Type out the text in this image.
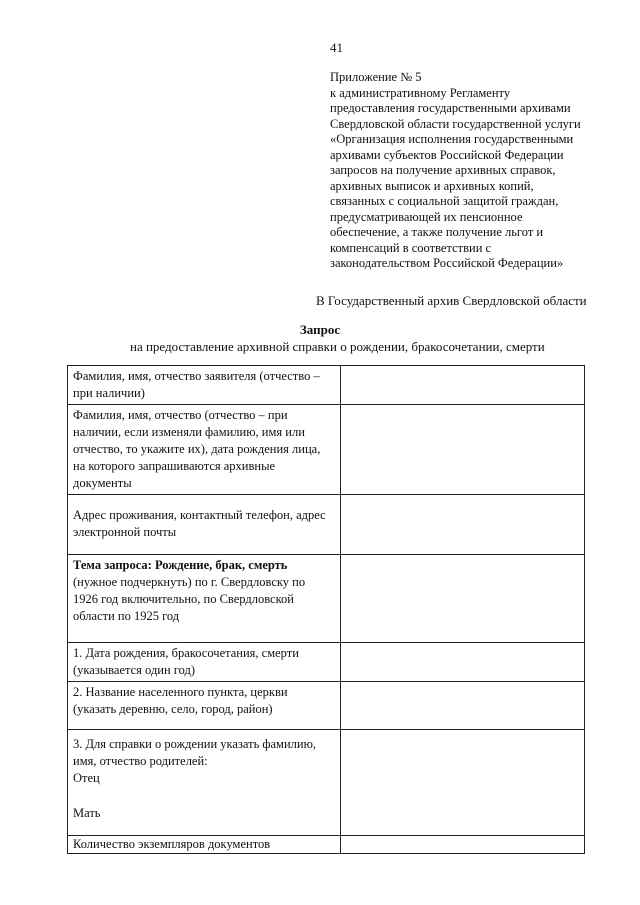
41
Приложение № 5
к административному Регламенту
предоставления государственными архивами
Свердловской области государственной услуги
«Организация исполнения государственными
архивами субъектов Российской Федерации
запросов на получение архивных справок,
архивных выписок и архивных копий,
связанных с социальной защитой граждан,
предусматривающей их пенсионное
обеспечение, а также получение льгот и
компенсаций в соответствии с
законодательством Российской Федерации»
В Государственный архив Свердловской области
Запрос
на предоставление архивной справки о рождении, бракосочетании, смерти
Фамилия, имя, отчество заявителя (отчество –
при наличии)	

Фамилия, имя, отчество (отчество – при
наличии, если изменяли фамилию, имя или
отчество, то укажите их), дата рождения лица,
на которого запрашиваются архивные
документы	

Адрес проживания, контактный телефон, адрес
электронной почты	

Тема запроса: Рождение, брак, смерть
(нужное подчеркнуть) по г. Свердловску по
1926 год включительно, по Свердловской
области по 1925 год	

1. Дата рождения, бракосочетания, смерти
(указывается один год)	

2. Название населенного пункта, церкви
(указать деревню, село, город, район)	

3. Для справки о рождении указать фамилию,
имя, отчество родителей:
Отец
Мать	

Количество экземпляров документов	
